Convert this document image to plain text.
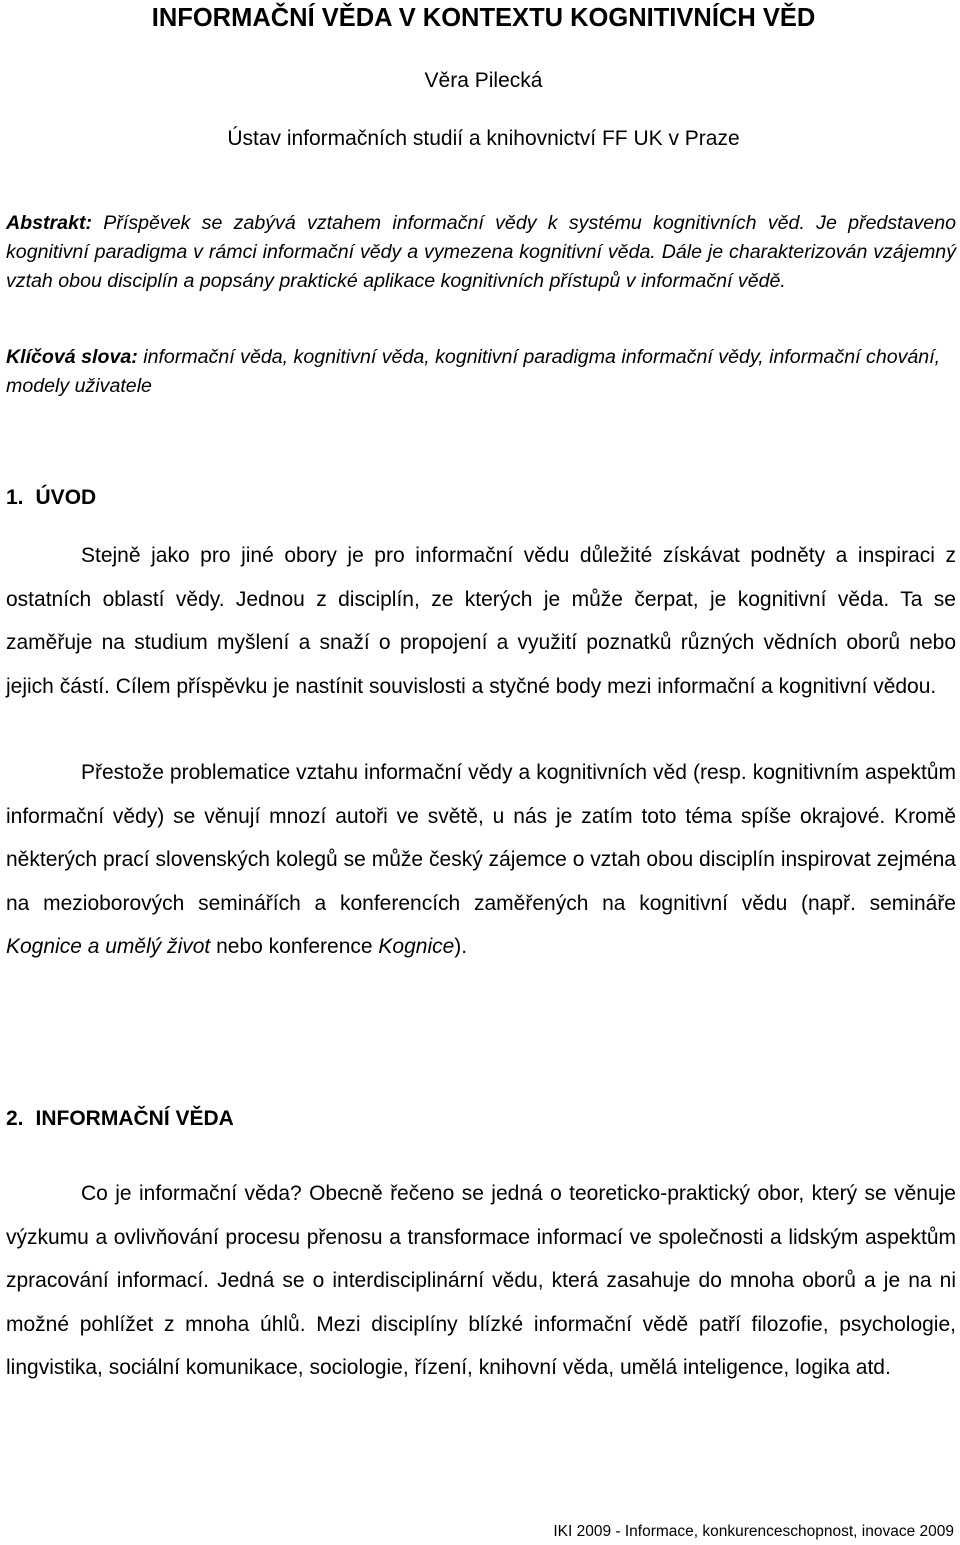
INFORMAČNÍ VĚDA V KONTEXTU KOGNITIVNÍCH VĚD

Věra Pilecká

Ústav informačních studií a knihovnictví FF UK v Praze

Abstrakt: Příspěvek se zabývá vztahem informační vědy k systému kognitivních věd. Je představeno kognitivní paradigma v rámci informační vědy a vymezena kognitivní věda. Dále je charakterizován vzájemný vztah obou disciplín a popsány praktické aplikace kognitivních přístupů v informační vědě.

Klíčová slova: informační věda, kognitivní věda, kognitivní paradigma informační vědy, informační chování, modely uživatele

1. ÚVOD

Stejně jako pro jiné obory je pro informační vědu důležité získávat podněty a inspiraci z ostatních oblastí vědy. Jednou z disciplín, ze kterých je může čerpat, je kognitivní věda. Ta se zaměřuje na studium myšlení a snaží o propojení a využití poznatků různých vědních oborů nebo jejich částí. Cílem příspěvku je nastínit souvislosti a styčné body mezi informační a kognitivní vědou.

Přestože problematice vztahu informační vědy a kognitivních věd (resp. kognitivním aspektům informační vědy) se věnují mnozí autoři ve světě, u nás je zatím toto téma spíše okrajové. Kromě některých prací slovenských kolegů se může český zájemce o vztah obou disciplín inspirovat zejména na mezioborových seminářích a konferencích zaměřených na kognitivní vědu (např. semináře Kognice a umělý život nebo konference Kognice).

2. INFORMAČNÍ VĚDA

Co je informační věda? Obecně řečeno se jedná o teoreticko-praktický obor, který se věnuje výzkumu a ovlivňování procesu přenosu a transformace informací ve společnosti a lidským aspektům zpracování informací. Jedná se o interdisciplinární vědu, která zasahuje do mnoha oborů a je na ni možné pohlížet z mnoha úhlů. Mezi disciplíny blízké informační vědě patří filozofie, psychologie, lingvistika, sociální komunikace, sociologie, řízení, knihovní věda, umělá inteligence, logika atd.

IKI 2009 - Informace, konkurenceschopnost, inovace 2009
